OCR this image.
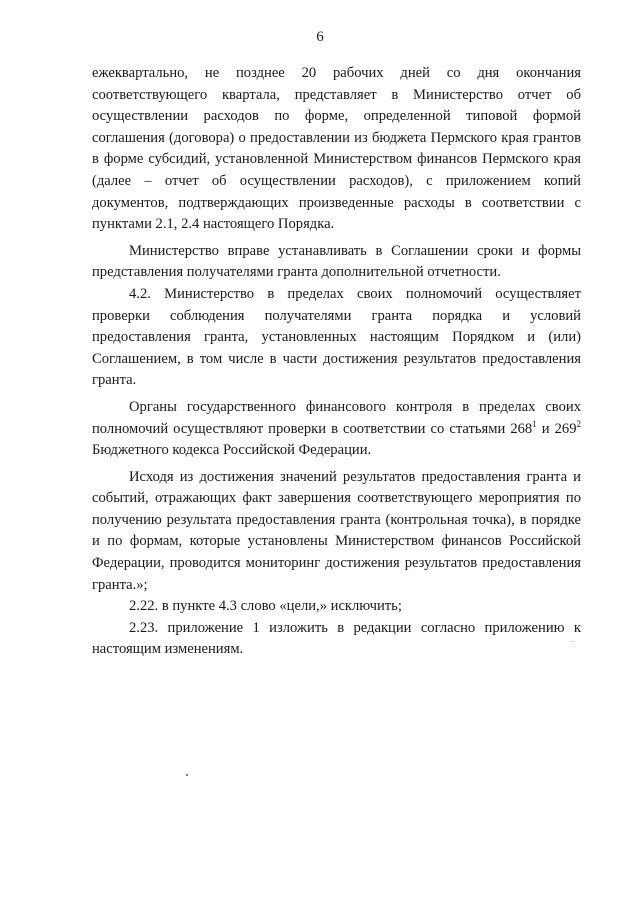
6

ежеквартально, не позднее 20 рабочих дней со дня окончания соответствующего квартала, представляет в Министерство отчет об осуществлении расходов по форме, определенной типовой формой соглашения (договора) о предоставлении из бюджета Пермского края грантов в форме субсидий, установленной Министерством финансов Пермского края (далее – отчет об осуществлении расходов), с приложением копий документов, подтверждающих произведенные расходы в соответствии с пунктами 2.1, 2.4 настоящего Порядка.

Министерство вправе устанавливать в Соглашении сроки и формы представления получателями гранта дополнительной отчетности.

4.2. Министерство в пределах своих полномочий осуществляет проверки соблюдения получателями гранта порядка и условий предоставления гранта, установленных настоящим Порядком и (или) Соглашением, в том числе в части достижения результатов предоставления гранта.

Органы государственного финансового контроля в пределах своих полномочий осуществляют проверки в соответствии со статьями $268^1$ и $269^2$ Бюджетного кодекса Российской Федерации.

Исходя из достижения значений результатов предоставления гранта и событий, отражающих факт завершения соответствующего мероприятия по получению результата предоставления гранта (контрольная точка), в порядке и по формам, которые установлены Министерством финансов Российской Федерации, проводится мониторинг достижения результатов предоставления гранта.»;

2.22. в пункте 4.3 слово «цели,» исключить;

2.23. приложение 1 изложить в редакции согласно приложению к настоящим изменениям.
